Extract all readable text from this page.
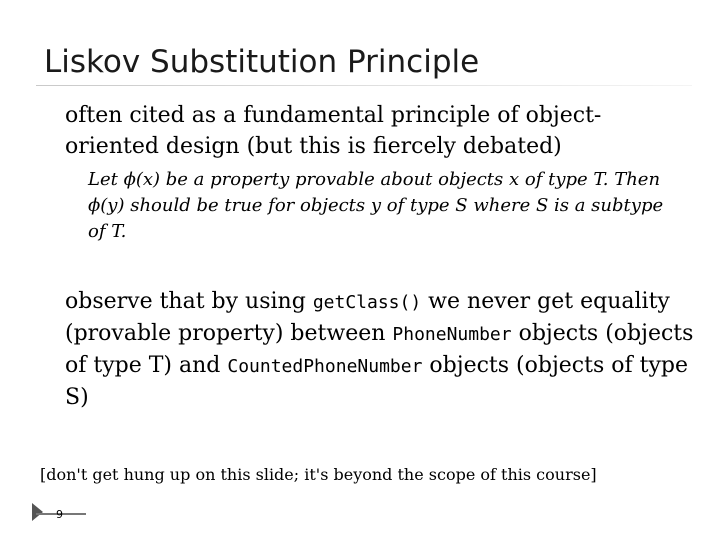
Liskov Substitution Principle
often cited as a fundamental principle of object-oriented design (but this is fiercely debated)
Let ϕ(x) be a property provable about objects x of type T. Then ϕ(y) should be true for objects y of type S where S is a subtype of T.
observe that by using getClass() we never get equality (provable property) between PhoneNumber objects (objects of type T) and CountedPhoneNumber objects (objects of type S)
[don't get hung up on this slide; it's beyond the scope of this course]
9
